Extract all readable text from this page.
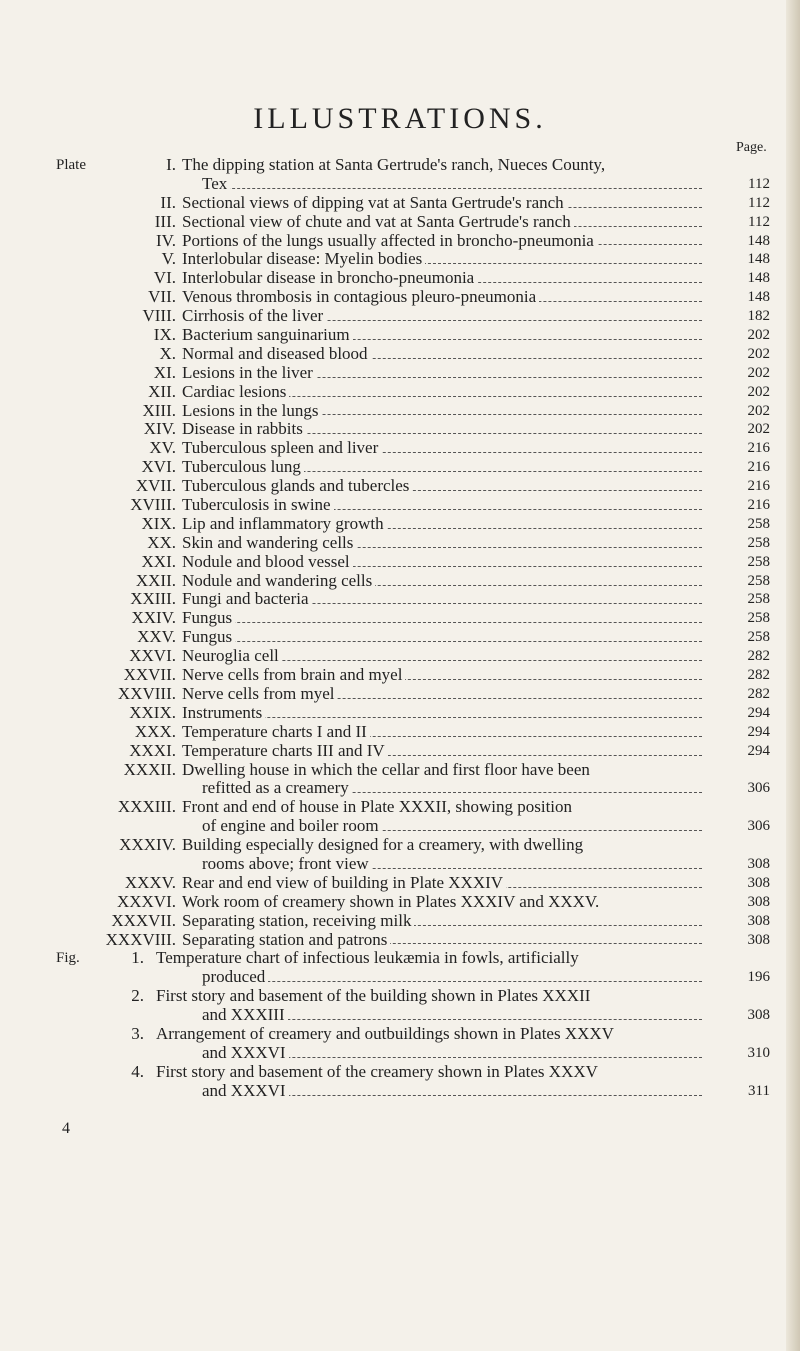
ILLUSTRATIONS.
Page.
Plate	I. The dipping station at Santa Gertrude's ranch, Nueces County,
Tex	112
II. Sectional views of dipping vat at Santa Gertrude's ranch	112
III. Sectional view of chute and vat at Santa Gertrude's ranch	112
IV. Portions of the lungs usually affected in broncho-pneumonia	148
V. Interlobular disease: Myelin bodies	148
VI. Interlobular disease in broncho-pneumonia	148
VII. Venous thrombosis in contagious pleuro-pneumonia	148
VIII. Cirrhosis of the liver	182
IX. Bacterium sanguinarium	202
X. Normal and diseased blood	202
XI. Lesions in the liver	202
XII. Cardiac lesions	202
XIII. Lesions in the lungs	202
XIV. Disease in rabbits	202
XV. Tuberculous spleen and liver	216
XVI. Tuberculous lung	216
XVII. Tuberculous glands and tubercles	216
XVIII. Tuberculosis in swine	216
XIX. Lip and inflammatory growth	258
XX. Skin and wandering cells	258
XXI. Nodule and blood vessel	258
XXII. Nodule and wandering cells	258
XXIII. Fungi and bacteria	258
XXIV. Fungus	258
XXV. Fungus	258
XXVI. Neuroglia cell	282
XXVII. Nerve cells from brain and myel	282
XXVIII. Nerve cells from myel	282
XXIX. Instruments	294
XXX. Temperature charts I and II	294
XXXI. Temperature charts III and IV	294
XXXII. Dwelling house in which the cellar and first floor have been
refitted as a creamery	306
XXXIII. Front and end of house in Plate XXXII, showing position
of engine and boiler room	306
XXXIV. Building especially designed for a creamery, with dwelling
rooms above; front view	308
XXXV. Rear and end view of building in Plate XXXIV	308
XXXVI. Work room of creamery shown in Plates XXXIV and XXXV.	308
XXXVII. Separating station, receiving milk	308
XXXVIII. Separating station and patrons	308
Fig.	1. Temperature chart of infectious leukæmia in fowls, artificially
produced	196
2. First story and basement of the building shown in Plates XXXII
and XXXIII	308
3. Arrangement of creamery and outbuildings shown in Plates XXXV
and XXXVI	310
4. First story and basement of the creamery shown in Plates XXXV
and XXXVI	311
4
